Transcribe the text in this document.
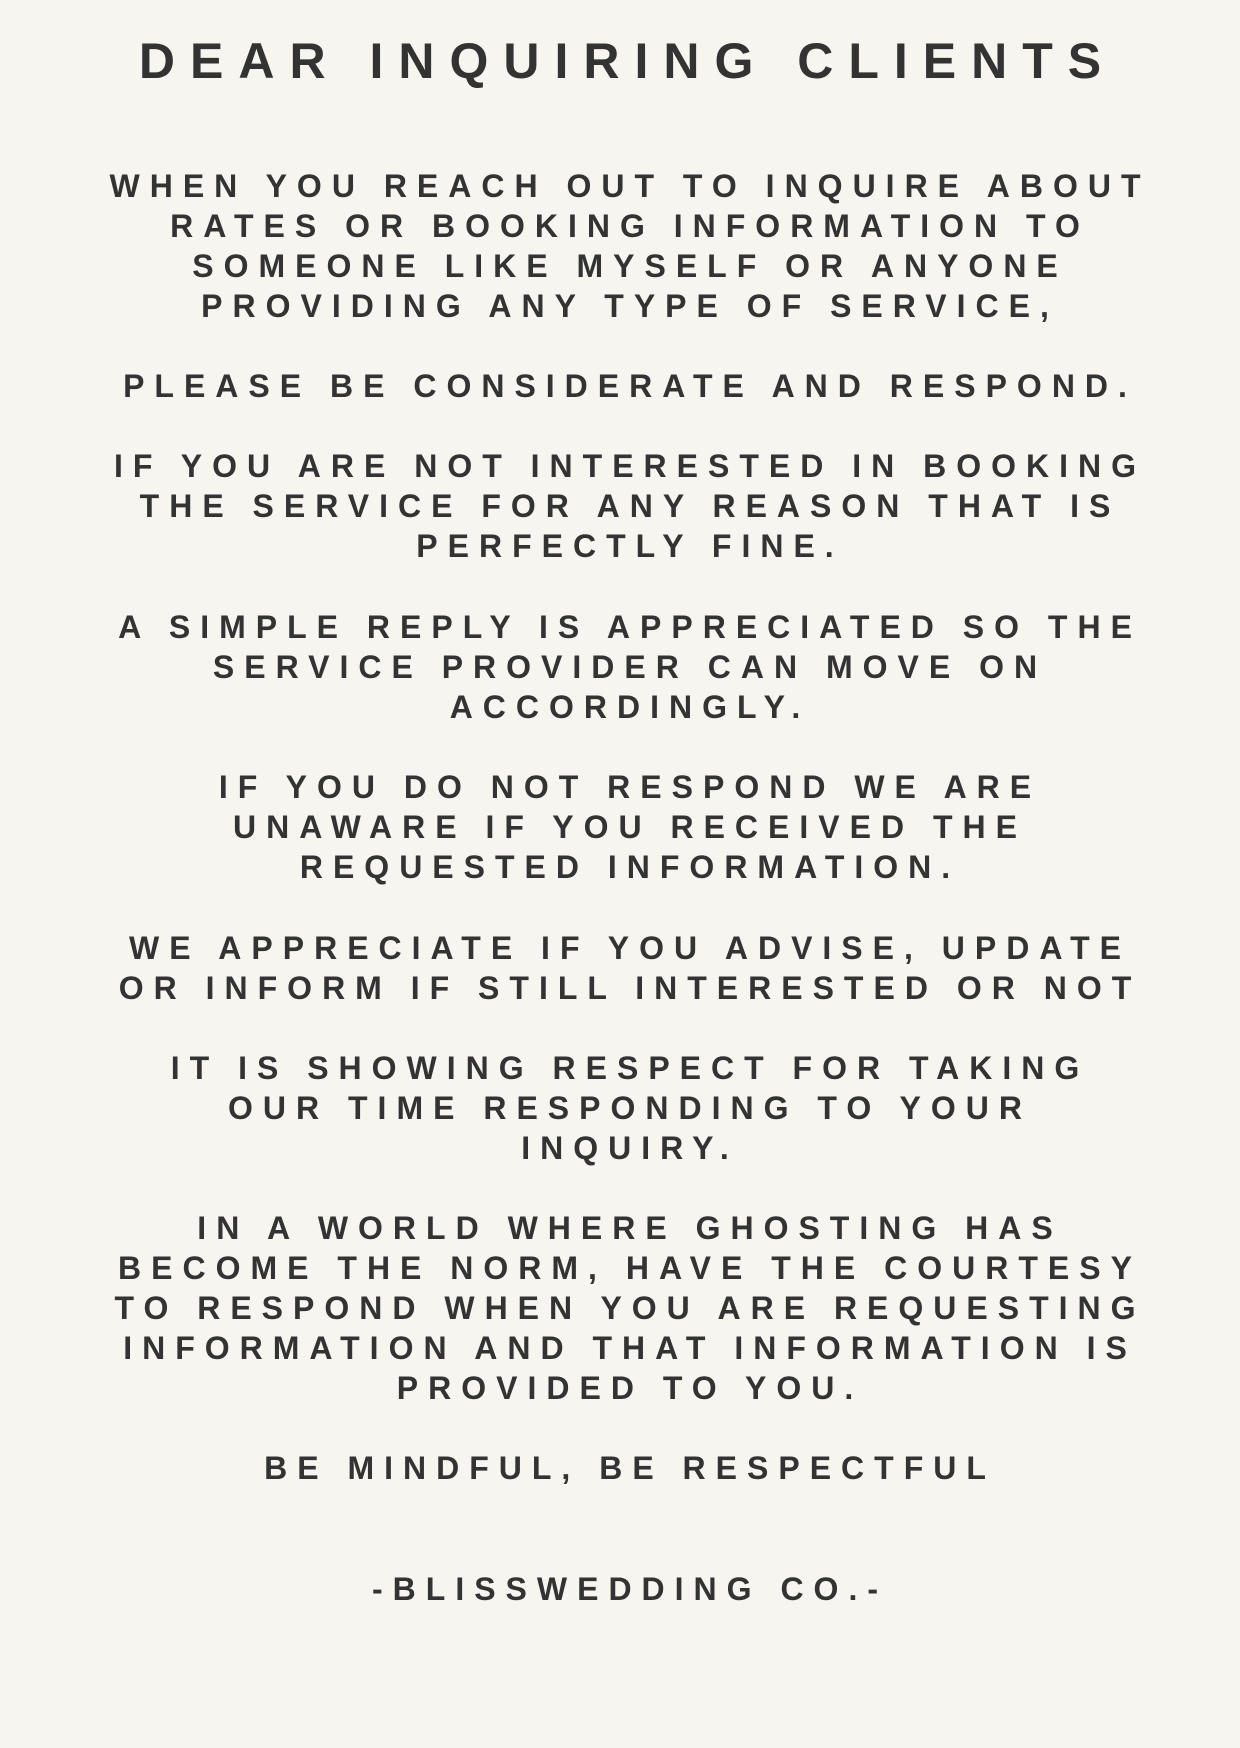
DEAR INQUIRING CLIENTS

WHEN YOU REACH OUT TO INQUIRE ABOUT
RATES OR BOOKING INFORMATION TO
SOMEONE LIKE MYSELF OR ANYONE
PROVIDING ANY TYPE OF SERVICE,

PLEASE BE CONSIDERATE AND RESPOND.

IF YOU ARE NOT INTERESTED IN BOOKING
THE SERVICE FOR ANY REASON THAT IS
PERFECTLY FINE.

A SIMPLE REPLY IS APPRECIATED SO THE
SERVICE PROVIDER CAN MOVE ON
ACCORDINGLY.

IF YOU DO NOT RESPOND WE ARE
UNAWARE IF YOU RECEIVED THE
REQUESTED INFORMATION.

WE APPRECIATE IF YOU ADVISE, UPDATE
OR INFORM IF STILL INTERESTED OR NOT

IT IS SHOWING RESPECT FOR TAKING
OUR TIME RESPONDING TO YOUR
INQUIRY.

IN A WORLD WHERE GHOSTING HAS
BECOME THE NORM, HAVE THE COURTESY
TO RESPOND WHEN YOU ARE REQUESTING
INFORMATION AND THAT INFORMATION IS
PROVIDED TO YOU.

BE MINDFUL, BE RESPECTFUL

-BLISSWEDDING CO.-
